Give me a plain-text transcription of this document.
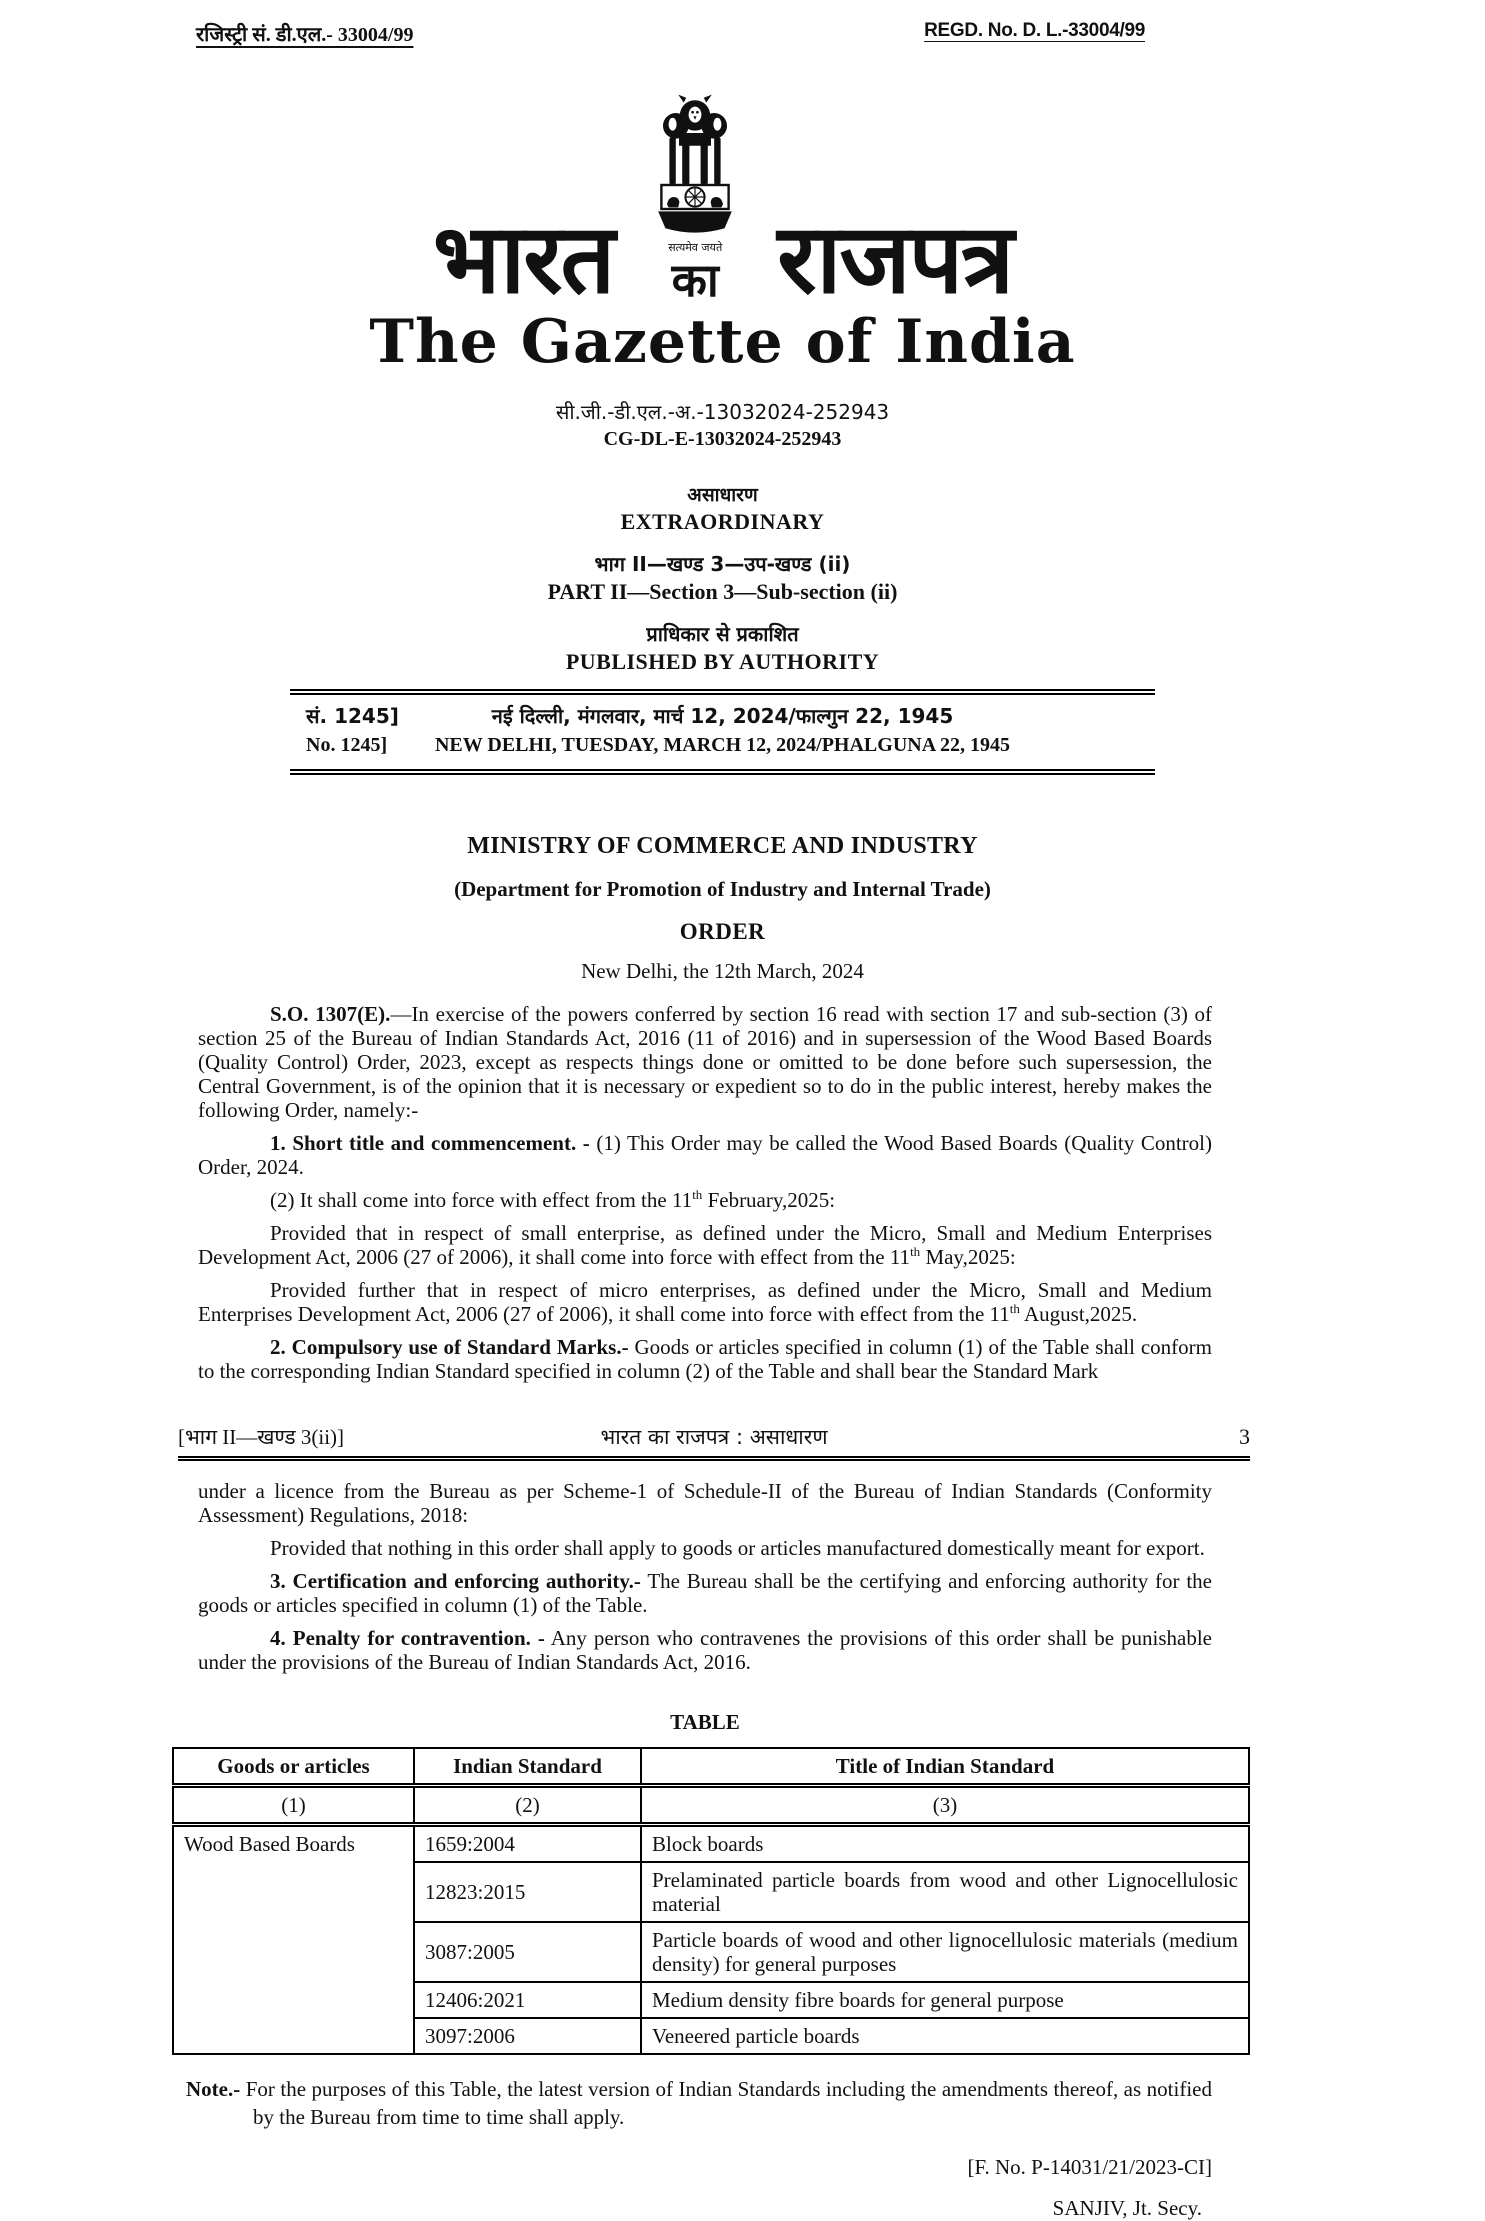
रजिस्ट्री सं. डी.एल.- 33004/99	REGD. No. D. L.-33004/99
भारत	सत्यमेव जयते
का राजपत्र
The Gazette of India
सी.जी.-डी.एल.-अ.-13032024-252943
CG-DL-E-13032024-252943
असाधारण
EXTRAORDINARY
भाग II—खण्ड 3—उप-खण्ड (ii)
PART II—Section 3—Sub-section (ii)
प्राधिकार से प्रकाशित
PUBLISHED BY AUTHORITY
सं. 1245]	नई दिल्ली, मंगलवार, मार्च 12, 2024/फाल्गुन 22, 1945
No. 1245] NEW DELHI, TUESDAY, MARCH 12, 2024/PHALGUNA 22, 1945
MINISTRY OF COMMERCE AND INDUSTRY
(Department for Promotion of Industry and Internal Trade)
ORDER
New Delhi, the 12th March, 2024

S.O. 1307(E).—In exercise of the powers conferred by section 16 read with section 17 and sub-section (3) of section 25 of the Bureau of Indian Standards Act, 2016 (11 of 2016) and in supersession of the Wood Based Boards (Quality Control) Order, 2023, except as respects things done or omitted to be done before such supersession, the Central Government, is of the opinion that it is necessary or expedient so to do in the public interest, hereby makes the following Order, namely:-

1. Short title and commencement. - (1) This Order may be called the Wood Based Boards (Quality Control) Order, 2024.

(2) It shall come into force with effect from the 11th February,2025:

Provided that in respect of small enterprise, as defined under the Micro, Small and Medium Enterprises Development Act, 2006 (27 of 2006), it shall come into force with effect from the 11th May,2025:

Provided further that in respect of micro enterprises, as defined under the Micro, Small and Medium Enterprises Development Act, 2006 (27 of 2006), it shall come into force with effect from the 11th August,2025.

2. Compulsory use of Standard Marks.- Goods or articles specified in column (1) of the Table shall conform to the corresponding Indian Standard specified in column (2) of the Table and shall bear the Standard Mark

[भाग II—खण्ड 3(ii)]	भारत का राजपत्र : असाधारण	3

under a licence from the Bureau as per Scheme-1 of Schedule-II of the Bureau of Indian Standards (Conformity Assessment) Regulations, 2018:

Provided that nothing in this order shall apply to goods or articles manufactured domestically meant for export.

3. Certification and enforcing authority.- The Bureau shall be the certifying and enforcing authority for the goods or articles specified in column (1) of the Table.

4. Penalty for contravention. - Any person who contravenes the provisions of this order shall be punishable under the provisions of the Bureau of Indian Standards Act, 2016.

TABLE
Goods or articles	Indian Standard	Title of Indian Standard
(1)	(2)	(3)
Wood Based Boards	1659:2004	Block boards
	12823:2015	Prelaminated particle boards from wood and other Lignocellulosic material
	3087:2005	Particle boards of wood and other lignocellulosic materials (medium density) for general purposes
	12406:2021	Medium density fibre boards for general purpose
	3097:2006	Veneered particle boards
Note.- For the purposes of this Table, the latest version of Indian Standards including the amendments thereof, as notified by the Bureau from time to time shall apply.
[F. No. P-14031/21/2023-CI]
SANJIV, Jt. Secy.
